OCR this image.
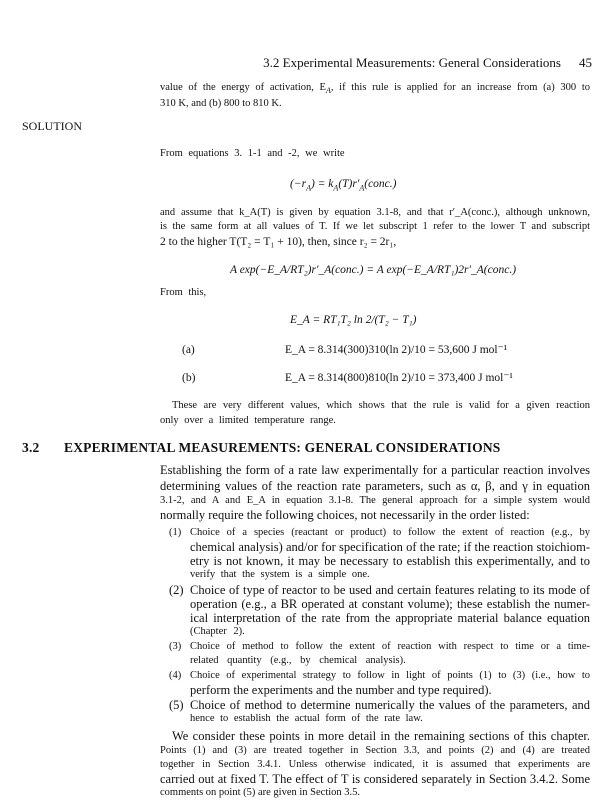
3.2 Experimental Measurements: General Considerations 45
value of the energy of activation, $E_A$, if this rule is applied for an increase from (a) 300 to
310 K, and (b) 800 to 810 K.
SOLUTION
From equations 3. 1-1 and -2, we write
$(-r_A)$ = $k_A(T)r'_A(conc.)$
and assume that k_A(T) is given by equation 3.1-8, and that r′_A(conc.), although unknown,
is the same form at all values of T. If we let subscript 1 refer to the lower T and subscript
2 to the higher T(T₂ = T₁ + 10), then, since r₂ = 2r₁,
A exp(−E_A/RT₂)r′_A(conc.) = A exp(−E_A/RT₁)2r′_A(conc.)
From this,
E_A = RT₁T₂ ln 2/(T₂ − T₁)
(a)	E_A = 8.314(300)310(ln 2)/10 = 53,600 J mol⁻¹
(b)	E_A = 8.314(800)810(ln 2)/10 = 373,400 J mol⁻¹
These are very different values, which shows that the rule is valid for a given reaction
only over a limited temperature range.
3.2 EXPERIMENTAL MEASUREMENTS: GENERAL CONSIDERATIONS
Establishing the form of a rate law experimentally for a particular reaction involves
determining values of the reaction rate parameters, such as α, β, and γ in equation
3.1-2, and A and E_A in equation 3.1-8. The general approach for a simple system would
normally require the following choices, not necessarily in the order listed:
(1) Choice of a species (reactant or product) to follow the extent of reaction (e.g., by
chemical analysis) and/or for specification of the rate; if the reaction stoichiom-
etry is not known, it may be necessary to establish this experimentally, and to
verify that the system is a simple one.
(2) Choice of type of reactor to be used and certain features relating to its mode of
operation (e.g., a BR operated at constant volume); these establish the numer-
ical interpretation of the rate from the appropriate material balance equation
(Chapter 2).
(3) Choice of method to follow the extent of reaction with respect to time or a time-
related quantity (e.g., by chemical analysis).
(4) Choice of experimental strategy to follow in light of points (1) to (3) (i.e., how to
perform the experiments and the number and type required).
(5) Choice of method to determine numerically the values of the parameters, and
hence to establish the actual form of the rate law.
We consider these points in more detail in the remaining sections of this chapter.
Points (1) and (3) are treated together in Section 3.3, and points (2) and (4) are treated
together in Section 3.4.1. Unless otherwise indicated, it is assumed that experiments are
carried out at fixed T. The effect of T is considered separately in Section 3.4.2. Some
comments on point (5) are given in Section 3.5.
